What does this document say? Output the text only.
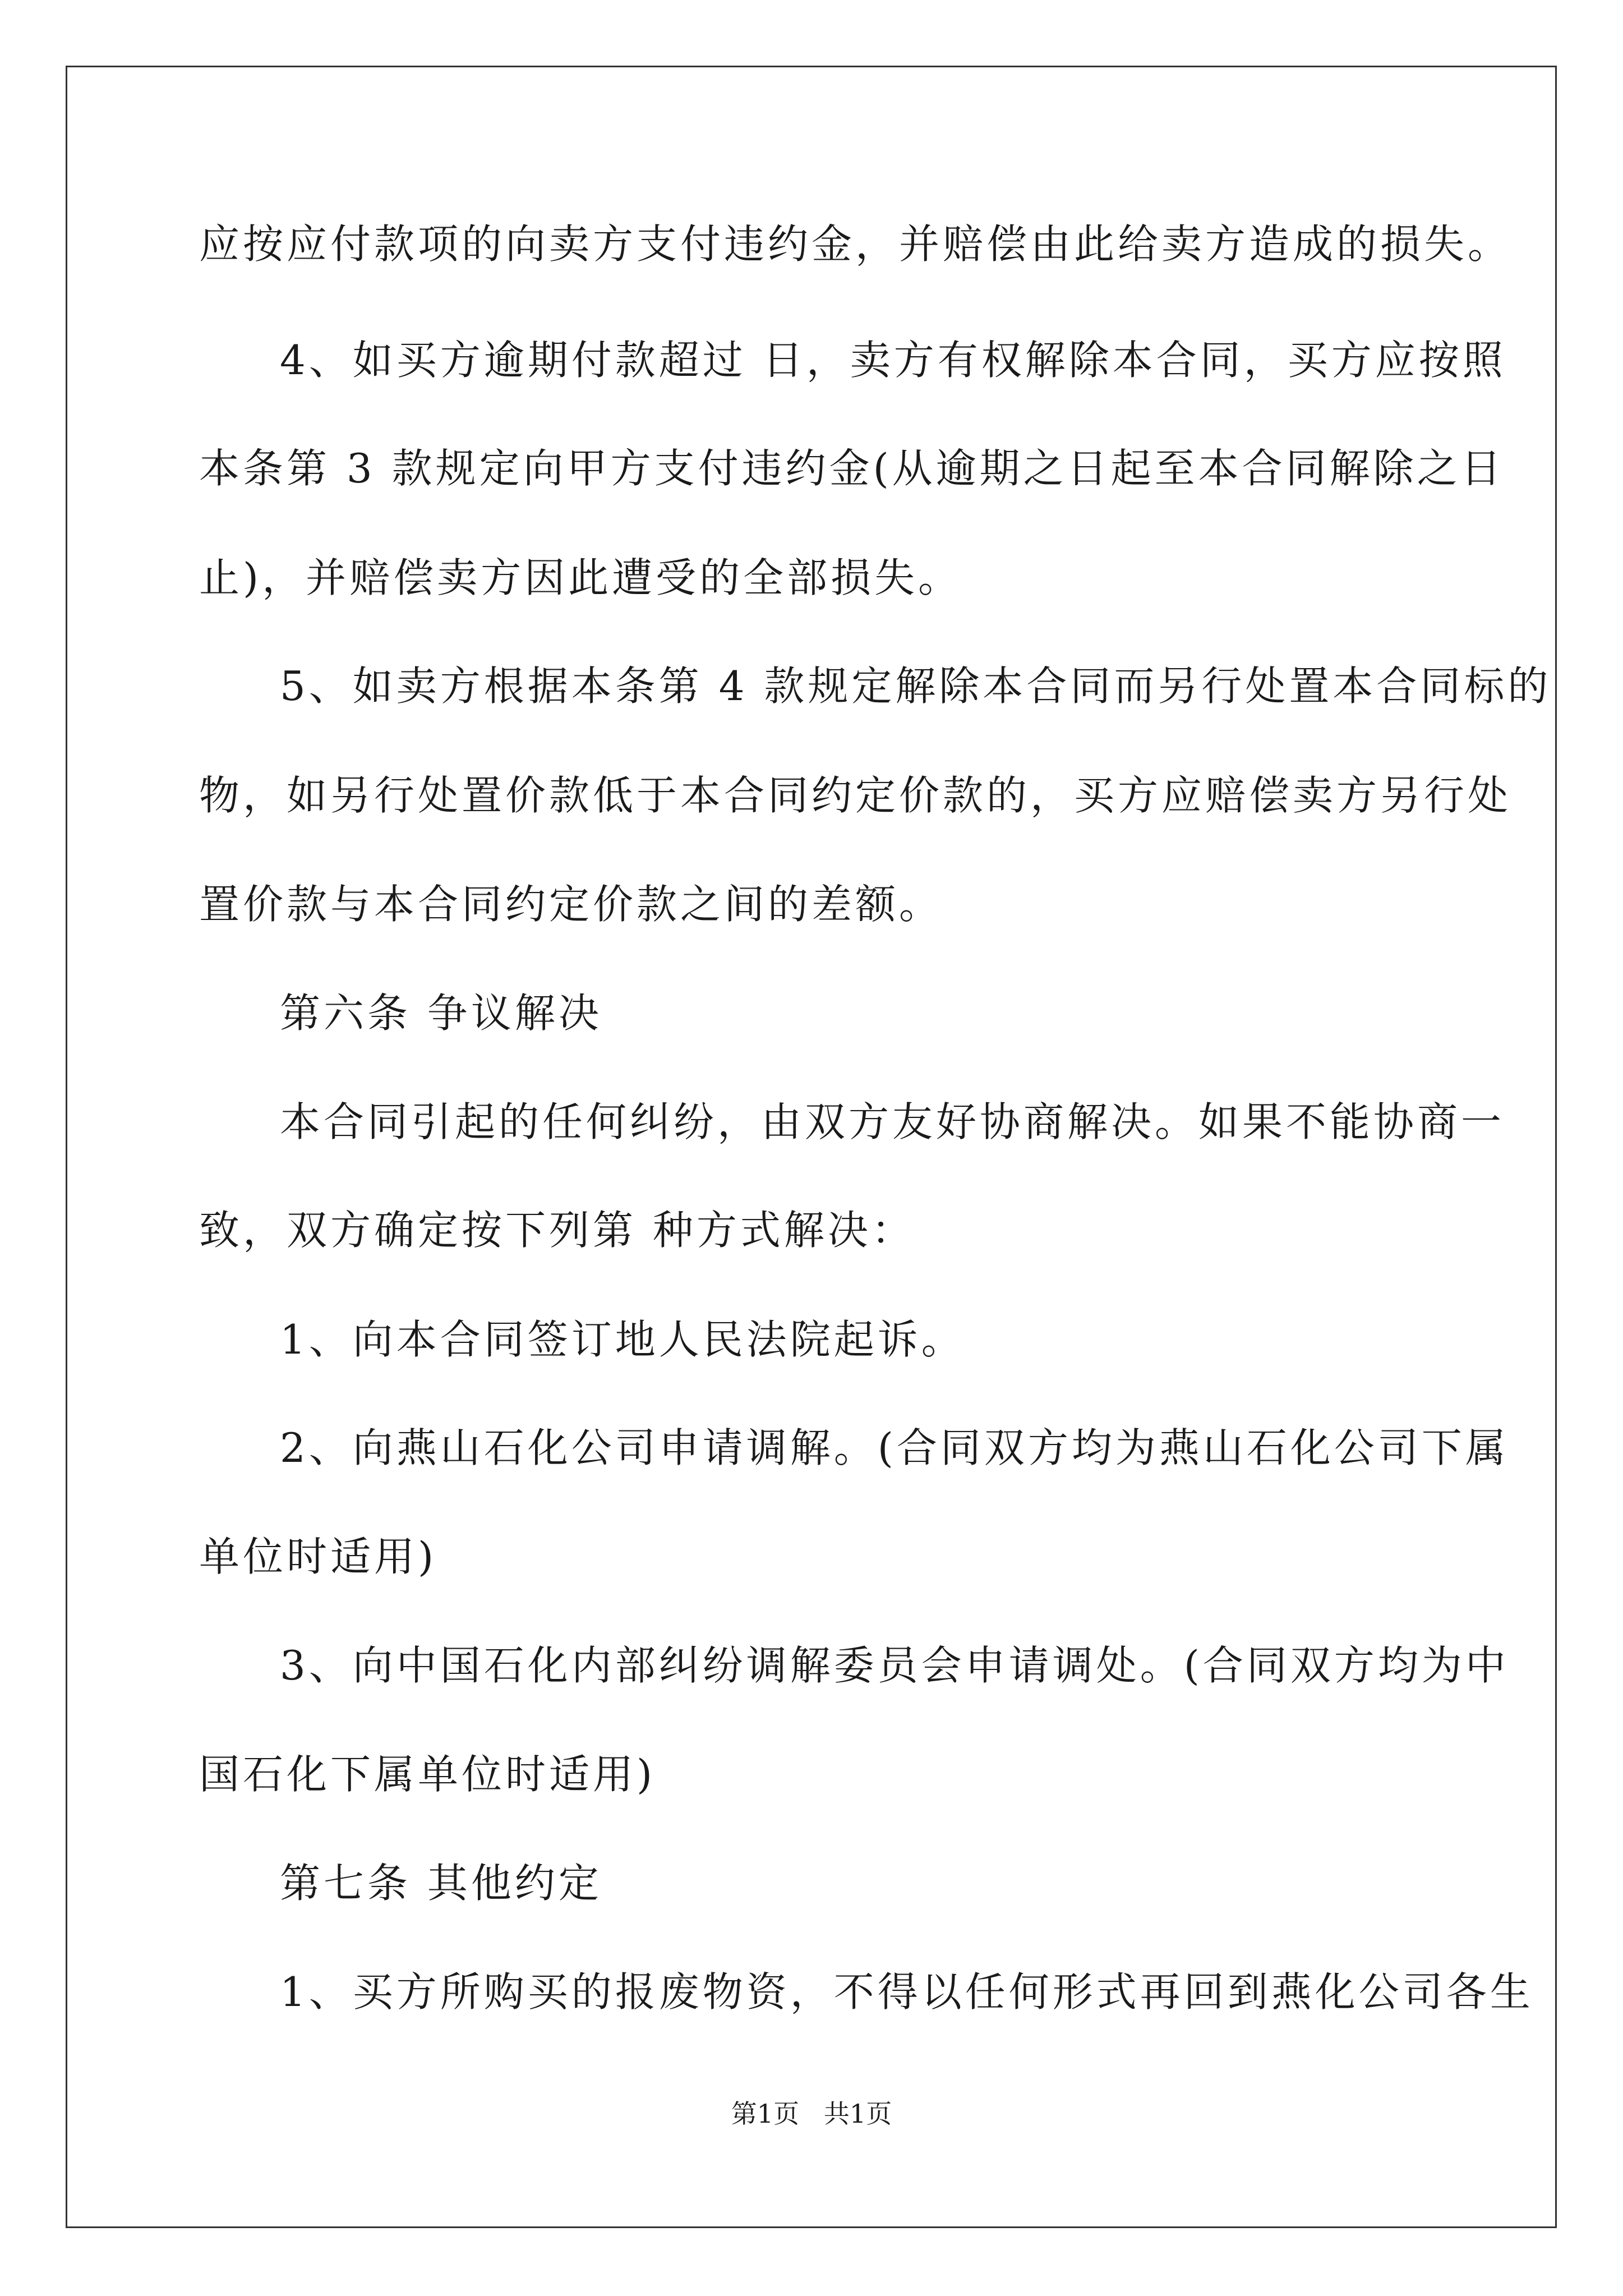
应按应付款项的向卖方支付违约金，并赔偿由此给卖方造成的损失。
4、如买方逾期付款超过 日，卖方有权解除本合同，买方应按照
本条第 3 款规定向甲方支付违约金(从逾期之日起至本合同解除之日
止)，并赔偿卖方因此遭受的全部损失。
5、如卖方根据本条第 4 款规定解除本合同而另行处置本合同标的
物，如另行处置价款低于本合同约定价款的，买方应赔偿卖方另行处
置价款与本合同约定价款之间的差额。
第六条 争议解决
本合同引起的任何纠纷，由双方友好协商解决。如果不能协商一
致，双方确定按下列第 种方式解决：
1、向本合同签订地人民法院起诉。
2、向燕山石化公司申请调解。(合同双方均为燕山石化公司下属
单位时适用)
3、向中国石化内部纠纷调解委员会申请调处。(合同双方均为中
国石化下属单位时适用)
第七条 其他约定
1、买方所购买的报废物资，不得以任何形式再回到燕化公司各生
第1页   共1页
